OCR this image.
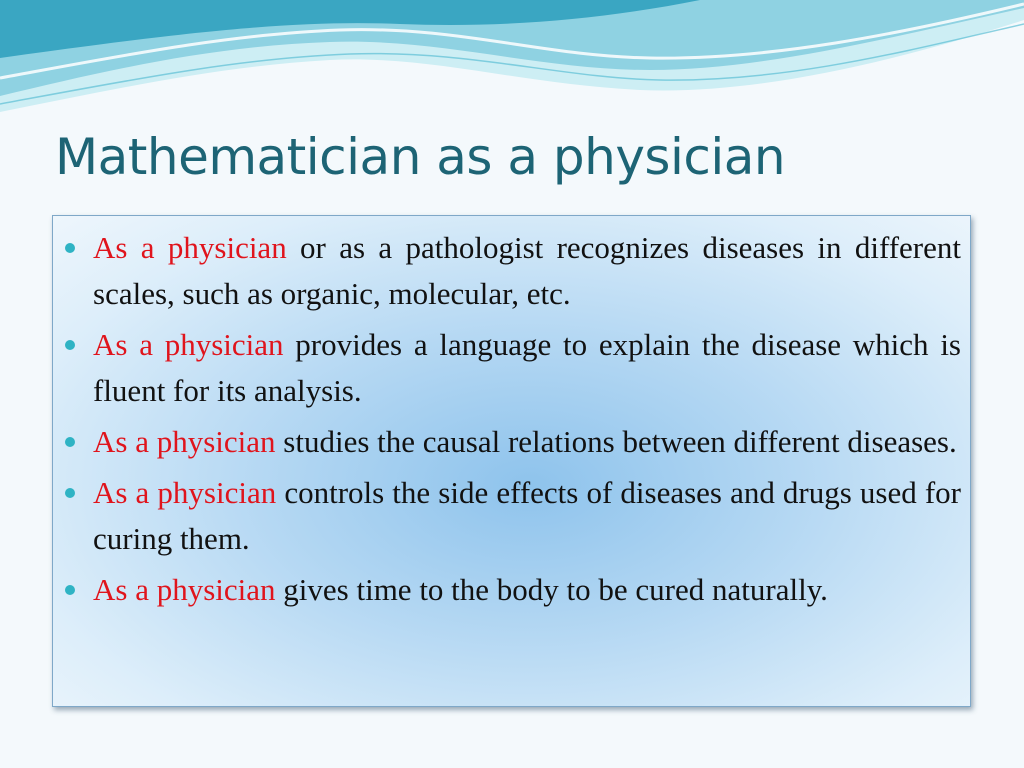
Mathematician as a physician
As a physician or as a pathologist recognizes diseases in different scales, such as organic, molecular, etc.
As a physician provides a language to explain the disease which is fluent for its analysis.
As a physician studies the causal relations between different diseases.
As a physician controls the side effects of diseases and drugs used for curing them.
As a physician gives time to the body to be cured naturally.
